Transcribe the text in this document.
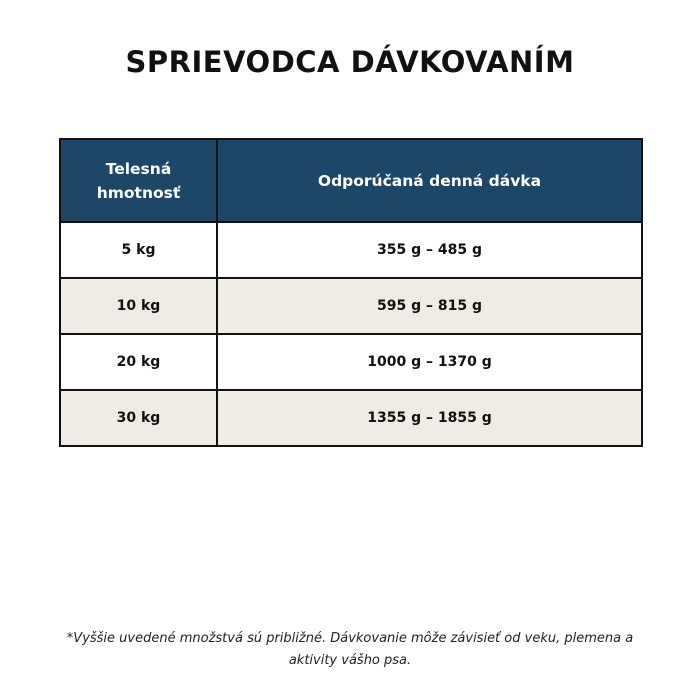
SPRIEVODCA DÁVKOVANÍM
Telesná
hmotnosť	Odporúčaná denná dávka
5 kg	355 g – 485 g
10 kg	595 g – 815 g
20 kg	1000 g – 1370 g
30 kg	1355 g – 1855 g
*Vyššie uvedené množstvá sú približné. Dávkovanie môže závisieť od veku, plemena a
aktivity vášho psa.
